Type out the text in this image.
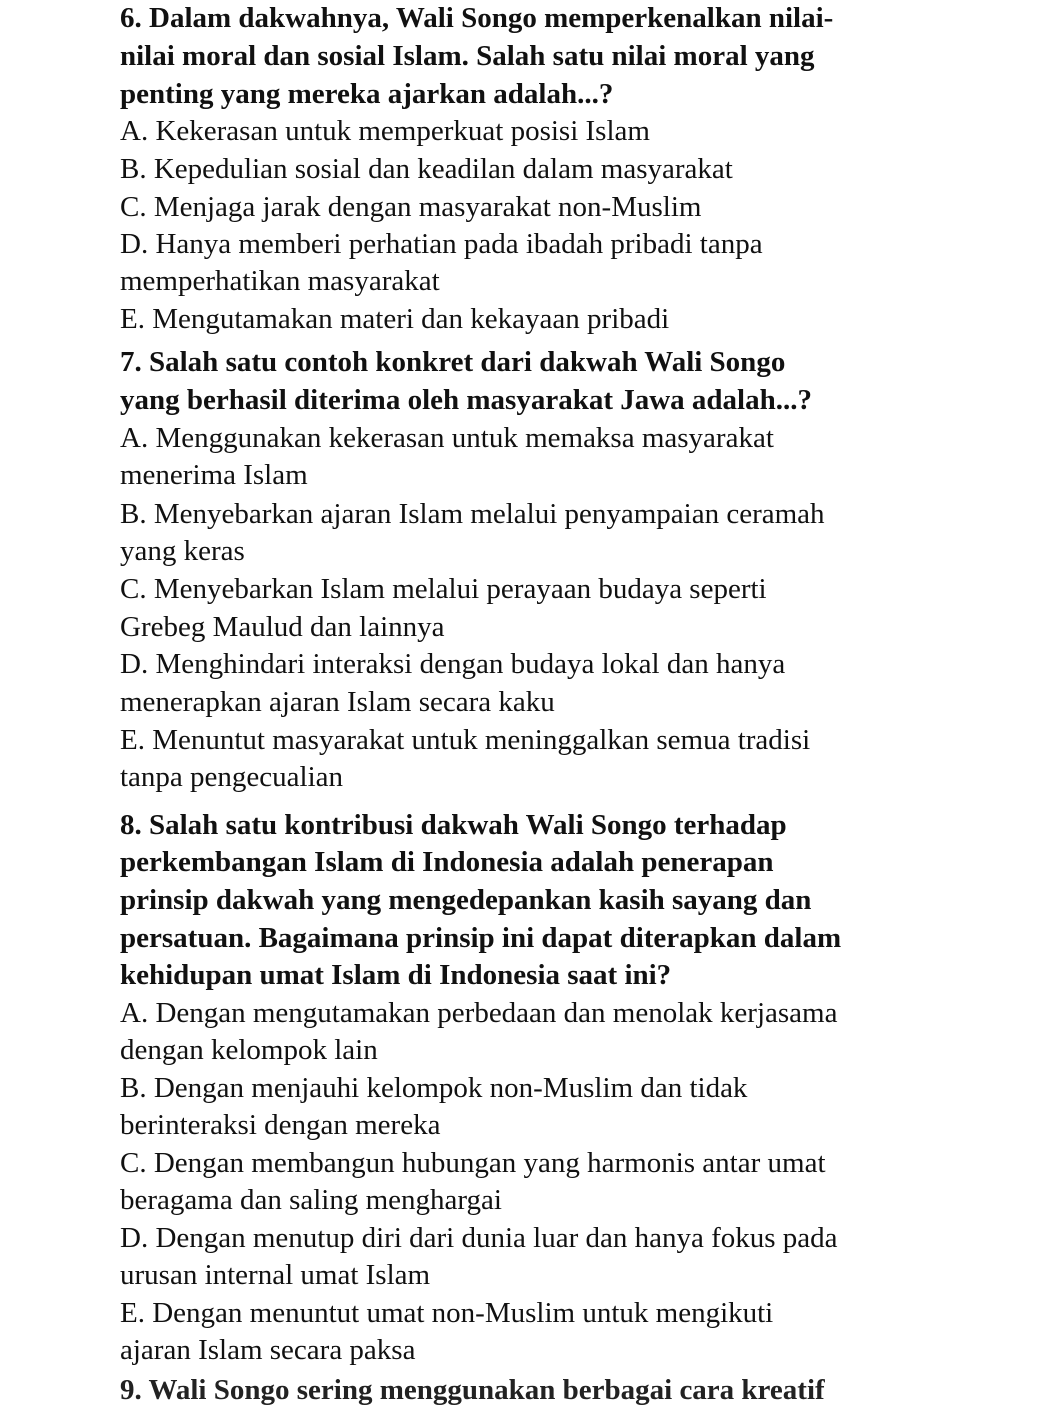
6. Dalam dakwahnya, Wali Songo memperkenalkan nilai-
nilai moral dan sosial Islam. Salah satu nilai moral yang
penting yang mereka ajarkan adalah...?
A. Kekerasan untuk memperkuat posisi Islam
B. Kepedulian sosial dan keadilan dalam masyarakat
C. Menjaga jarak dengan masyarakat non-Muslim
D. Hanya memberi perhatian pada ibadah pribadi tanpa
memperhatikan masyarakat
E. Mengutamakan materi dan kekayaan pribadi
7. Salah satu contoh konkret dari dakwah Wali Songo
yang berhasil diterima oleh masyarakat Jawa adalah...?
A. Menggunakan kekerasan untuk memaksa masyarakat
menerima Islam
B. Menyebarkan ajaran Islam melalui penyampaian ceramah
yang keras
C. Menyebarkan Islam melalui perayaan budaya seperti
Grebeg Maulud dan lainnya
D. Menghindari interaksi dengan budaya lokal dan hanya
menerapkan ajaran Islam secara kaku
E. Menuntut masyarakat untuk meninggalkan semua tradisi
tanpa pengecualian
8. Salah satu kontribusi dakwah Wali Songo terhadap
perkembangan Islam di Indonesia adalah penerapan
prinsip dakwah yang mengedepankan kasih sayang dan
persatuan. Bagaimana prinsip ini dapat diterapkan dalam
kehidupan umat Islam di Indonesia saat ini?
A. Dengan mengutamakan perbedaan dan menolak kerjasama
dengan kelompok lain
B. Dengan menjauhi kelompok non-Muslim dan tidak
berinteraksi dengan mereka
C. Dengan membangun hubungan yang harmonis antar umat
beragama dan saling menghargai
D. Dengan menutup diri dari dunia luar dan hanya fokus pada
urusan internal umat Islam
E. Dengan menuntut umat non-Muslim untuk mengikuti
ajaran Islam secara paksa
9. Wali Songo sering menggunakan berbagai cara kreatif
